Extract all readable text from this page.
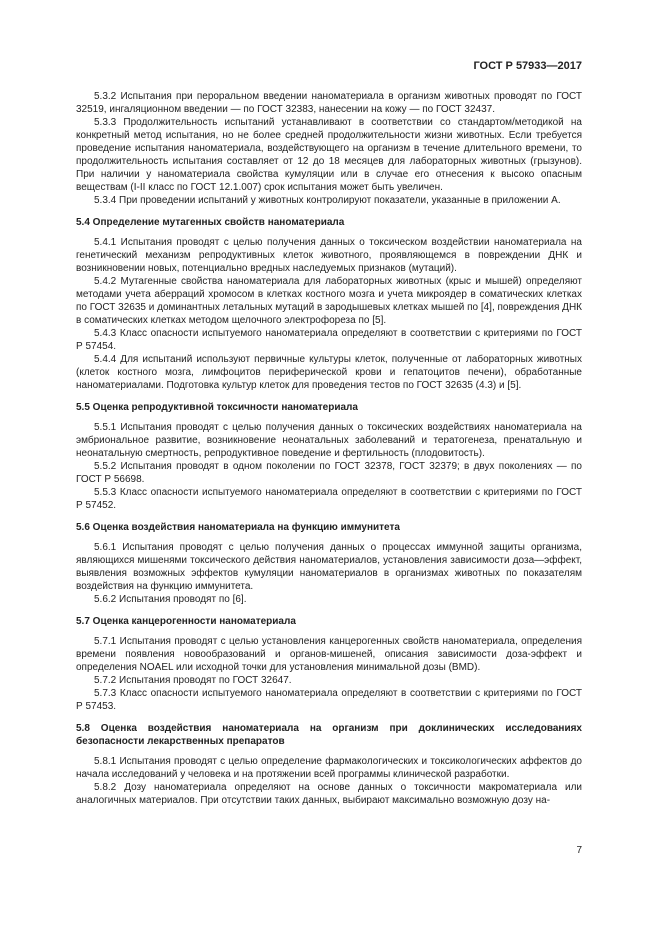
ГОСТ Р 57933—2017

5.3.2 Испытания при пероральном введении наноматериала в организм животных проводят по ГОСТ 32519, ингаляционном введении — по ГОСТ 32383, нанесении на кожу — по ГОСТ 32437.

5.3.3 Продолжительность испытаний устанавливают в соответствии со стандартом/методикой на конкретный метод испытания, но не более средней продолжительности жизни животных. Если требуется проведение испытания наноматериала, воздействующего на организм в течение длительного времени, то продолжительность испытания составляет от 12 до 18 месяцев для лабораторных животных (грызунов). При наличии у наноматериала свойства кумуляции или в случае его отнесения к высоко опасным веществам (I-II класс по ГОСТ 12.1.007) срок испытания может быть увеличен.

5.3.4 При проведении испытаний у животных контролируют показатели, указанные в приложении А.

5.4 Определение мутагенных свойств наноматериала

5.4.1 Испытания проводят с целью получения данных о токсическом воздействии наноматериала на генетический механизм репродуктивных клеток животного, проявляющемся в повреждении ДНК и возникновении новых, потенциально вредных наследуемых признаков (мутаций).

5.4.2 Мутагенные свойства наноматериала для лабораторных животных (крыс и мышей) определяют методами учета аберраций хромосом в клетках костного мозга и учета микроядер в соматических клетках по ГОСТ 32635 и доминантных летальных мутаций в зародышевых клетках мышей по [4], повреждения ДНК в соматических клетках методом щелочного электрофореза по [5].

5.4.3 Класс опасности испытуемого наноматериала определяют в соответствии с критериями по ГОСТ Р 57454.

5.4.4 Для испытаний используют первичные культуры клеток, полученные от лабораторных животных (клеток костного мозга, лимфоцитов периферической крови и гепатоцитов печени), обработанные наноматериалами. Подготовка культур клеток для проведения тестов по ГОСТ 32635 (4.3) и [5].

5.5 Оценка репродуктивной токсичности наноматериала

5.5.1 Испытания проводят с целью получения данных о токсических воздействиях наноматериала на эмбриональное развитие, возникновение неонатальных заболеваний и тератогенеза, пренатальную и неонатальную смертность, репродуктивное поведение и фертильность (плодовитость).

5.5.2 Испытания проводят в одном поколении по ГОСТ 32378, ГОСТ 32379; в двух поколениях — по ГОСТ Р 56698.

5.5.3 Класс опасности испытуемого наноматериала определяют в соответствии с критериями по ГОСТ Р 57452.

5.6 Оценка воздействия наноматериала на функцию иммунитета

5.6.1 Испытания проводят с целью получения данных о процессах иммунной защиты организма, являющихся мишенями токсического действия наноматериалов, установления зависимости доза—эффект, выявления возможных эффектов кумуляции наноматериалов в организмах животных по показателям воздействия на функцию иммунитета.

5.6.2 Испытания проводят по [6].

5.7 Оценка канцерогенности наноматериала

5.7.1 Испытания проводят с целью установления канцерогенных свойств наноматериала, определения времени появления новообразований и органов-мишеней, описания зависимости доза-эффект и определения NOAEL или исходной точки для установления минимальной дозы (BMD).

5.7.2 Испытания проводят по ГОСТ 32647.

5.7.3 Класс опасности испытуемого наноматериала определяют в соответствии с критериями по ГОСТ Р 57453.

5.8 Оценка воздействия наноматериала на организм при доклинических исследованиях безопасности лекарственных препаратов

5.8.1 Испытания проводят с целью определение фармакологических и токсикологических аффектов до начала исследований у человека и на протяжении всей программы клинической разработки.

5.8.2 Дозу наноматериала определяют на основе данных о токсичности макроматериала или аналогичных материалов. При отсутствии таких данных, выбирают максимально возможную дозу на-

7
